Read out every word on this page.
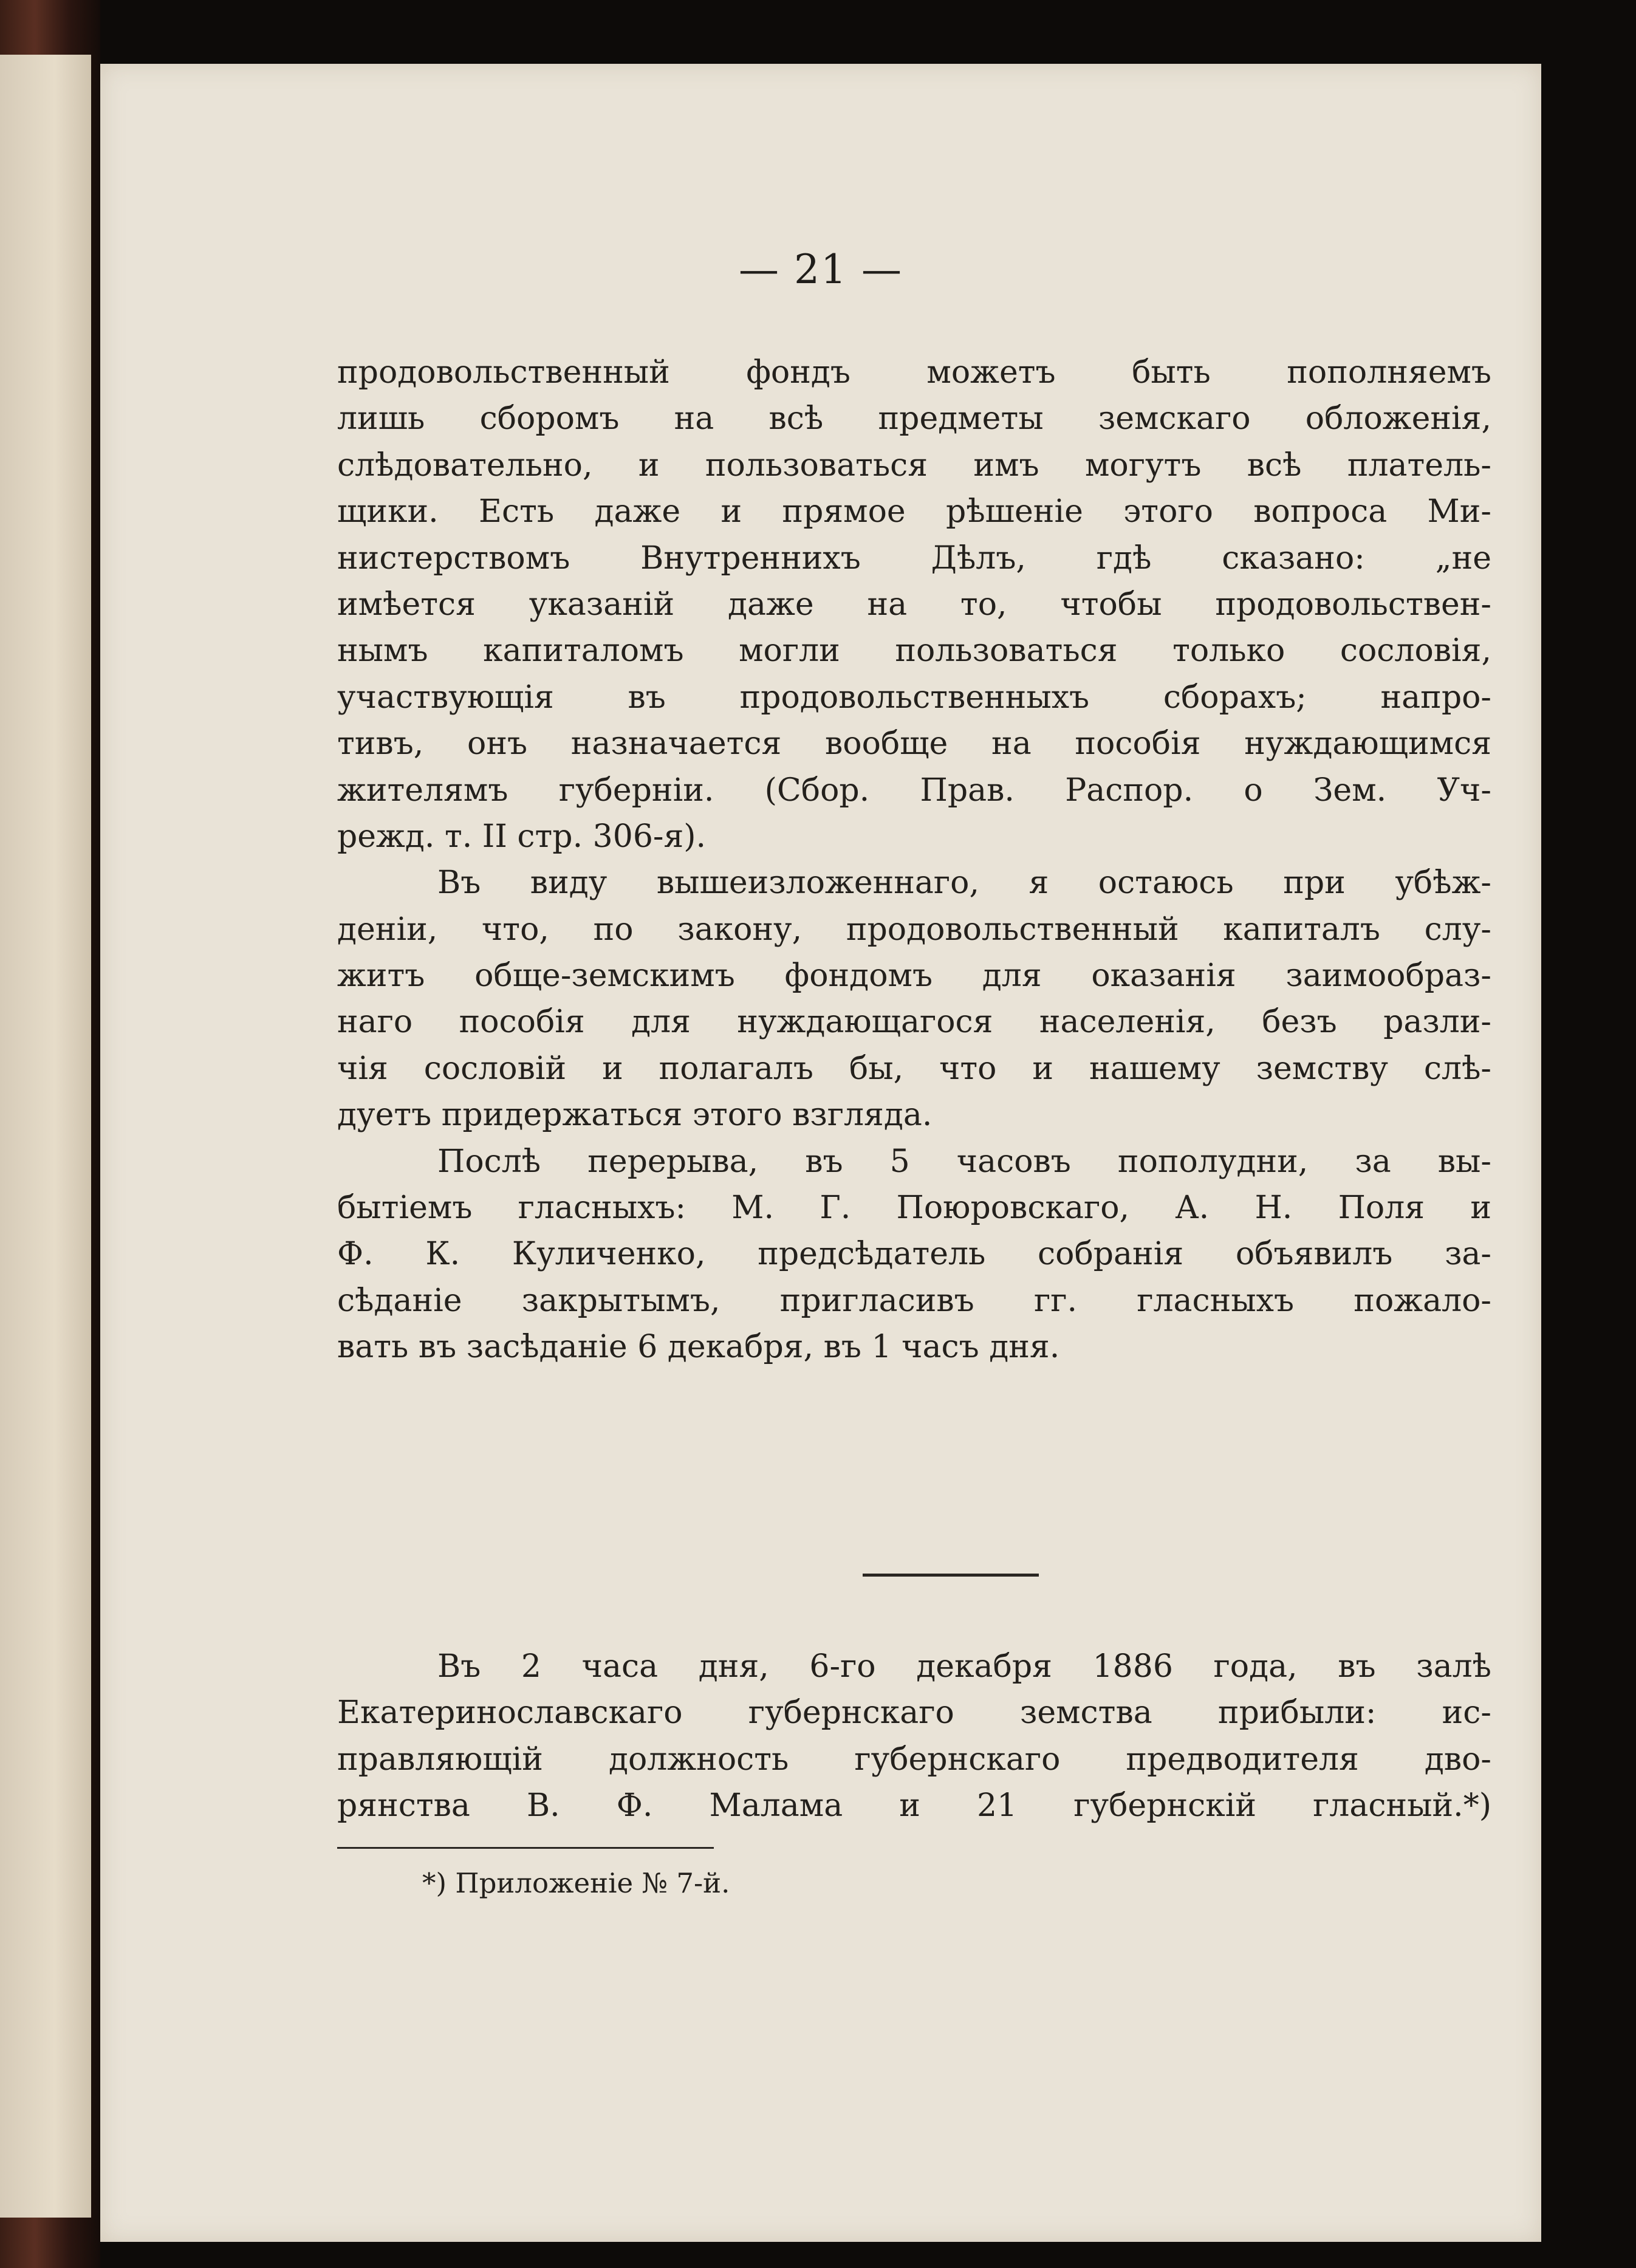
— 21 —
продовольственный фондъ можетъ быть пополняемъ
лишь сборомъ на всѣ предметы земскаго обложенія,
слѣдовательно, и пользоваться имъ могутъ всѣ платель-
щики. Есть даже и прямое рѣшеніе этого вопроса Ми-
нистерствомъ Внутреннихъ Дѣлъ, гдѣ сказано: „не
имѣется указаній даже на то, чтобы продовольствен-
нымъ капиталомъ могли пользоваться только сословія,
участвующія въ продовольственныхъ сборахъ; напро-
тивъ, онъ назначается вообще на пособія нуждающимся
жителямъ губерніи. (Сбор. Прав. Распор. о Зем. Уч-
режд. т. II стр. 306-я).
Въ виду вышеизложеннаго, я остаюсь при убѣж-
деніи, что, по закону, продовольственный капиталъ слу-
житъ обще-земскимъ фондомъ для оказанія заимообраз-
наго пособія для нуждающагося населенія, безъ разли-
чія сословій и полагалъ бы, что и нашему земству слѣ-
дуетъ придержаться этого взгляда.
Послѣ перерыва, въ 5 часовъ пополудни, за вы-
бытіемъ гласныхъ: М. Г. Поюровскаго, А. Н. Поля и
Ф. К. Куличенко, предсѣдатель собранія объявилъ за-
сѣданіе закрытымъ, пригласивъ гг. гласныхъ пожало-
вать въ засѣданіе 6 декабря, въ 1 часъ дня.
Въ 2 часа дня, 6-го декабря 1886 года, въ залѣ
Екатеринославскаго губернскаго земства прибыли: ис-
правляющій должность губернскаго предводителя дво-
рянства В. Ф. Малама и 21 губернскій гласный.*)
*) Приложеніе № 7-й.
